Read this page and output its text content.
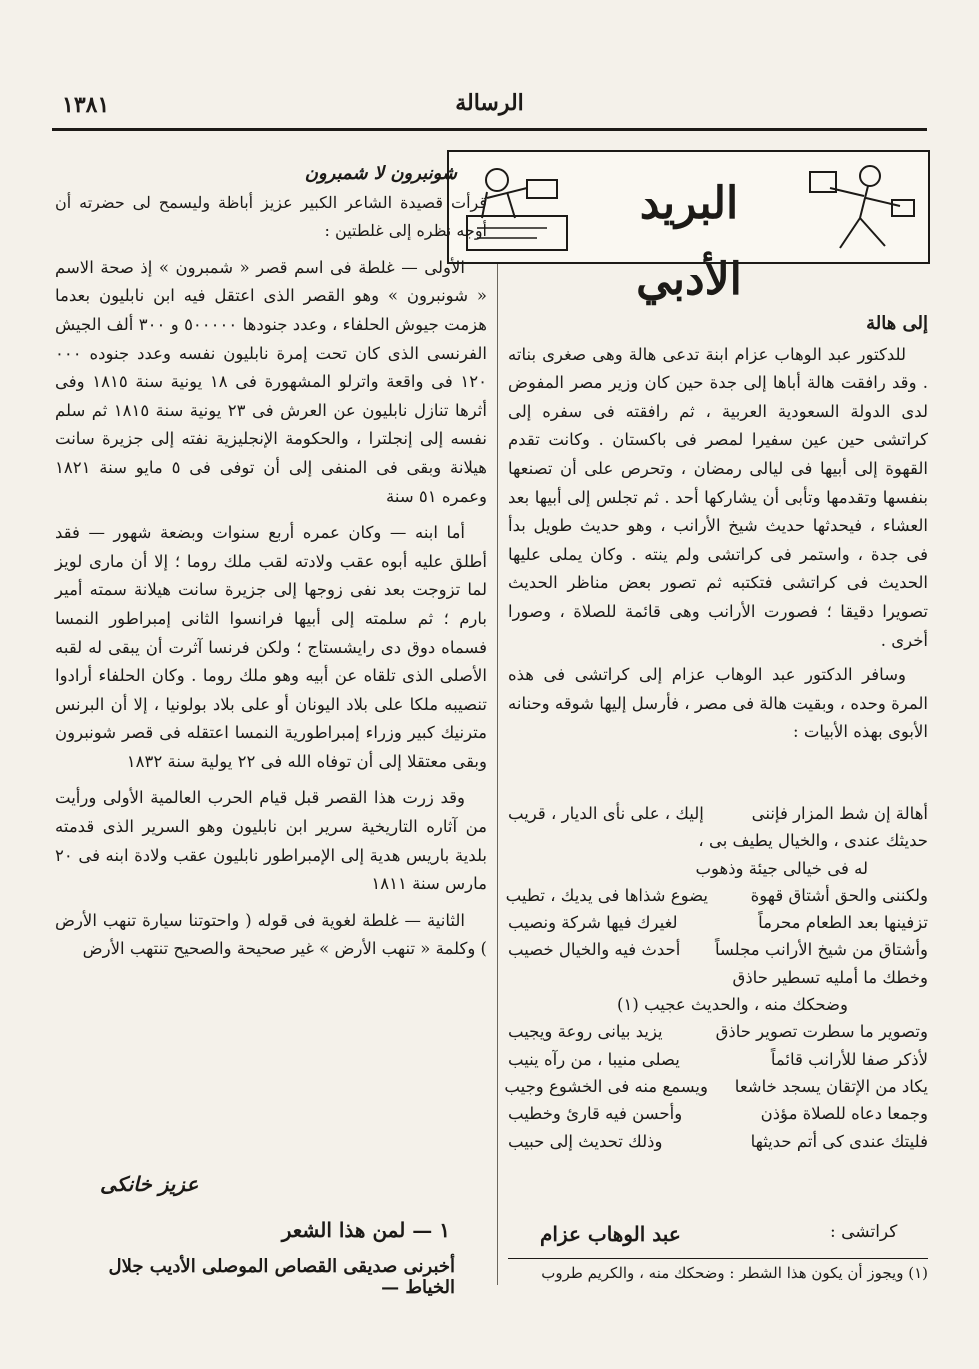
١٣٨١	الرسالة
البريد الأدبي

إلى هالة

للدكتور عبد الوهاب عزام ابنة تدعى هالة وهى صغرى بناته . وقد رافقت هالة أباها إلى جدة حين كان وزير مصر المفوض لدى الدولة السعودية العربية ، ثم رافقته فى سفره إلى كراتشى حين عين سفيرا لمصر فى باكستان . وكانت تقدم القهوة إلى أبيها فى ليالى رمضان ، وتحرص على أن تصنعها بنفسها وتقدمها وتأبى أن يشاركها أحد . ثم تجلس إلى أبيها بعد العشاء ، فيحدثها حديث شيخ الأرانب ، وهو حديث طويل بدأ فى جدة ، واستمر فى كراتشى ولم ينته . وكان يملى عليها الحديث فى كراتشى فتكتبه ثم تصور بعض مناظر الحديث تصويرا دقيقا ؛ فصورت الأرانب وهى قائمة للصلاة ، وصورا أخرى .

وسافر الدكتور عبد الوهاب عزام إلى كراتشى فى هذه المرة وحده ، وبقيت هالة فى مصر ، فأرسل إليها شوقه وحنانه الأبوى بهذه الأبيات :

أهالة إن شط المزار فإننى
إليك ، على نأى الديار ، قريب
حديثك عندى ، والخيال يطيف بى ،
له فى خيالى جيئة وذهوب
ولكننى والحق أشتاق قهوة
يضوع شذاها فى يديك ، تطيب
تزفينها بعد الطعام محرماً
لغيرك فيها شركة ونصيب
وأشتاق من شيخ الأرانب مجلساً
أحدث فيه والخيال خصيب
وخطك ما أمليه تسطير حاذق
وضحكك منه ، والحديث عجيب (١)
وتصوير ما سطرت تصوير حاذق
يزيد بيانى روعة ويجيب
لأذكر صفا للأرانب قائماً
يصلى منيبا ، من رآه ينيب
يكاد من الإتقان يسجد خاشعا
ويسمع منه فى الخشوع وجيب
وجمعا دعاه للصلاة مؤذن
وأحسن فيه قارئ وخطيب
فليتك عندى كى أتم حديثها
وذلك تحديث إلى حبيب
كراتشى :
عبد الوهاب عزام
(١) ويجوز أن يكون هذا الشطر : وضحكك منه ، والكريم طروب

شونبرون لا شمبرون

قرأت قصيدة الشاعر الكبير عزيز أباظة وليسمح لى حضرته أن أوجه نظره إلى غلطتين :

الأولى — غلطة فى اسم قصر « شمبرون » إذ صحة الاسم « شونبرون » وهو القصر الذى اعتقل فيه ابن نابليون بعدما هزمت جيوش الحلفاء ، وعدد جنودها ٥٠٠٠٠٠ و ٣٠٠ ألف الجيش الفرنسى الذى كان تحت إمرة نابليون نفسه وعدد جنوده ٠٠٠ ١٢٠ فى واقعة واترلو المشهورة فى ١٨ يونية سنة ١٨١٥ وفى أثرها تنازل نابليون عن العرش فى ٢٣ يونية سنة ١٨١٥ ثم سلم نفسه إلى إنجلترا ، والحكومة الإنجليزية نفته إلى جزيرة سانت هيلانة وبقى فى المنفى إلى أن توفى فى ٥ مايو سنة ١٨٢١ وعمره ٥١ سنة

أما ابنه — وكان عمره أربع سنوات وبضعة شهور — فقد أطلق عليه أبوه عقب ولادته لقب ملك روما ؛ إلا أن مارى لويز لما تزوجت بعد نفى زوجها إلى جزيرة سانت هيلانة سمته أمير بارم ؛ ثم سلمته إلى أبيها فرانسوا الثانى إمبراطور النمسا فسماه دوق دى رايشستاج ؛ ولكن فرنسا آثرت أن يبقى له لقبه الأصلى الذى تلقاه عن أبيه وهو ملك روما . وكان الحلفاء أرادوا تنصيبه ملكا على بلاد اليونان أو على بلاد بولونيا ، إلا أن البرنس مترنيك كبير وزراء إمبراطورية النمسا اعتقله فى قصر شونبرون وبقى معتقلا إلى أن توفاه الله فى ٢٢ يولية سنة ١٨٣٢

وقد زرت هذا القصر قبل قيام الحرب العالمية الأولى ورأيت من آثاره التاريخية سرير ابن نابليون وهو السرير الذى قدمته بلدية باريس هدية إلى الإمبراطور نابليون عقب ولادة ابنه فى ٢٠ مارس سنة ١٨١١

الثانية — غلطة لغوية فى قوله ( واحتوتنا سيارة تنهب الأرض ) وكلمة « تنهب الأرض » غير صحيحة والصحيح تنتهب الأرض

عزيز خانكى
١ — لمن هذا الشعر
أخبرنى صديقى القصاص الموصلى الأديب جلال الخياط —
